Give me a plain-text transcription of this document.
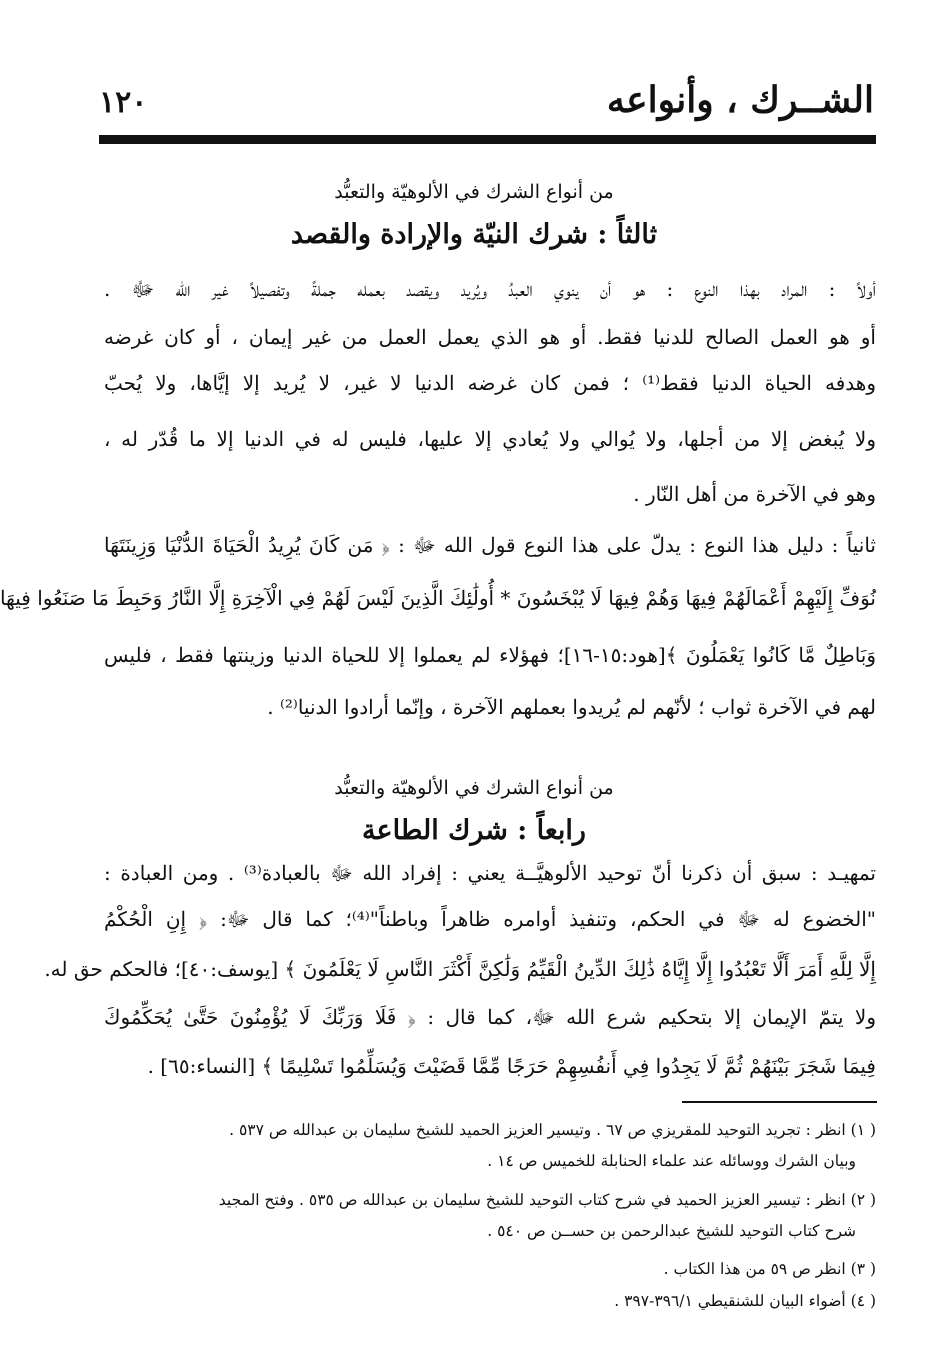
الشــرك ، وأنواعه
١٢٠
من أنواع الشرك في الألوهيّة والتعبُّد
ثالثاً : شرك النيّة والإرادة والقصد
أولاً : المراد بهذا النوع : هو أن ينوي العبدُ ويُريد ويقصد بعمله جملةً وتفصيلاً غير الله ﷻ .
أو هو العمل الصالح للدنيا فقط. أو هو الذي يعمل العمل من غير إيمان ، أو كان غرضه
وهدفه الحياة الدنيا فقط⁽¹⁾ ؛ فمن كان غرضه الدنيا لا غير، لا يُريد إلا إيَّاها، ولا يُحبّ
ولا يُبغض إلا من أجلها، ولا يُوالي ولا يُعادي إلا عليها، فليس له في الدنيا إلا ما قُدّر له ،
وهو في الآخرة من أهل النّار .
ثانياً : دليل هذا النوع : يدلّ على هذا النوع قول الله ﷻ : ﴿ مَن كَانَ يُرِيدُ الْحَيَاةَ الدُّنْيَا وَزِينَتَهَا
نُوَفِّ إِلَيْهِمْ أَعْمَالَهُمْ فِيهَا وَهُمْ فِيهَا لَا يُبْخَسُونَ * أُولَٰئِكَ الَّذِينَ لَيْسَ لَهُمْ فِي الْآخِرَةِ إِلَّا النَّارُ وَحَبِطَ مَا صَنَعُوا فِيهَا
وَبَاطِلٌ مَّا كَانُوا يَعْمَلُونَ ﴾[هود:١٥-١٦]؛ فهؤلاء لم يعملوا إلا للحياة الدنيا وزينتها فقط ، فليس
لهم في الآخرة ثواب ؛ لأنّهم لم يُريدوا بعملهم الآخرة ، وإنّما أرادوا الدنيا⁽²⁾ .
من أنواع الشرك في الألوهيّة والتعبُّد
رابعاً : شرك الطاعة
تمهيـد : سبق أن ذكرنا أنّ توحيد الألوهيَّــة يعني : إفراد الله ﷻ بالعبادة⁽³⁾ . ومن العبادة :
"الخضوع له ﷻ في الحكم، وتنفيذ أوامره ظاهراً وباطناً"⁽⁴⁾؛ كما قال ﷻ: ﴿ إِنِ الْحُكْمُ
إِلَّا لِلَّهِ أَمَرَ أَلَّا تَعْبُدُوا إِلَّا إِيَّاهُ ذَٰلِكَ الدِّينُ الْقَيِّمُ وَلَٰكِنَّ أَكْثَرَ النَّاسِ لَا يَعْلَمُونَ ﴾ [يوسف:٤٠]؛ فالحكم حق له.
ولا يتمّ الإيمان إلا بتحكيم شرع الله ﷻ، كما قال : ﴿ فَلَا وَرَبِّكَ لَا يُؤْمِنُونَ حَتَّىٰ يُحَكِّمُوكَ
فِيمَا شَجَرَ بَيْنَهُمْ ثُمَّ لَا يَجِدُوا فِي أَنفُسِهِمْ حَرَجًا مِّمَّا قَضَيْتَ وَيُسَلِّمُوا تَسْلِيمًا ﴾ [النساء:٦٥] .
( ١) انظر : تجريد التوحيد للمقريزي ص ٦٧ . وتيسير العزيز الحميد للشيخ سليمان بن عبدالله ص ٥٣٧ .
وبيان الشرك ووسائله عند علماء الحنابلة للخميس ص ١٤ .
( ٢) انظر : تيسير العزيز الحميد في شرح كتاب التوحيد للشيخ سليمان بن عبدالله ص ٥٣٥ . وفتح المجيد
شرح كتاب التوحيد للشيخ عبدالرحمن بن حســن ص ٥٤٠ .
( ٣) انظر ص ٥٩ من هذا الكتاب .
( ٤) أضواء البيان للشنقيطي ٣٩٦/١-٣٩٧ .
